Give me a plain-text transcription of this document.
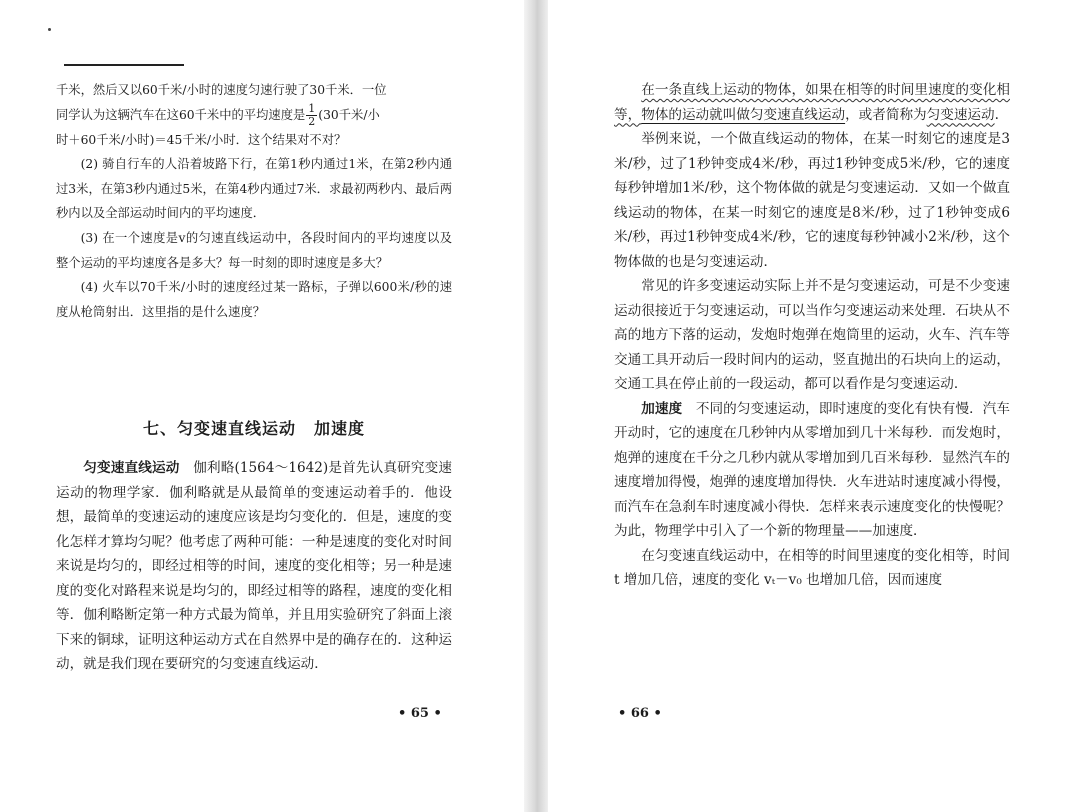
千米，然后又以60千米/小时的速度匀速行驶了30千米．一位
同学认为这辆汽车在这60千米中的平均速度是 $\frac{1}{2} (30$千米/小
时＋60千米/小时)＝45千米/小时．这个结果对不对？

(2) 骑自行车的人沿着坡路下行，在第1秒内通过1米，在第2秒内通过3米，在第3秒内通过5米，在第4秒内通过7米．求最初两秒内、最后两秒内以及全部运动时间内的平均速度．

(3) 在一个速度是v的匀速直线运动中，各段时间内的平均速度以及整个运动的平均速度各是多大？每一时刻的即时速度是多大？

(4) 火车以70千米/小时的速度经过某一路标，子弹以600米/秒的速度从枪筒射出．这里指的是什么速度？

七、匀变速直线运动 加速度

匀变速直线运动　 伽利略(1564～1642)是首先认真研究变速运动的物理学家．伽利略就是从最简单的变速运动着手的．他设想，最简单的变速运动的速度应该是均匀变化的．但是，速度的变化怎样才算均匀呢？他考虑了两种可能：一种是速度的变化对时间来说是均匀的，即经过相等的时间，速度的变化相等；另一种是速度的变化对路程来说是均匀的，即经过相等的路程，速度的变化相等．伽利略断定第一种方式最为简单，并且用实验研究了斜面上滚下来的铜球，证明这种运动方式在自然界中是的确存在的．这种运动，就是我们现在要研究的匀变速直线运动．

• 65 •

在一条直线上运动的物体，如果在相等的时间里速度的变化相等，物体的运动就叫做匀变速直线运动，或者简称为匀变速运动.

举例来说，一个做直线运动的物体，在某一时刻它的速度是3米/秒，过了1秒钟变成4米/秒，再过1秒钟变成5米/秒，它的速度每秒钟增加1米/秒，这个物体做的就是匀变速运动．又如一个做直线运动的物体，在某一时刻它的速度是8米/秒，过了1秒钟变成6米/秒，再过1秒钟变成4米/秒，它的速度每秒钟减小2米/秒，这个物体做的也是匀变速运动．

常见的许多变速运动实际上并不是匀变速运动，可是不少变速运动很接近于匀变速运动，可以当作匀变速运动来处理．石块从不高的地方下落的运动，发炮时炮弹在炮筒里的运动，火车、汽车等交通工具开动后一段时间内的运动，竖直抛出的石块向上的运动，交通工具在停止前的一段运动，都可以看作是匀变速运动．

加速度　 不同的匀变速运动，即时速度的变化有快有慢．汽车开动时，它的速度在几秒钟内从零增加到几十米每秒．而发炮时，炮弹的速度在千分之几秒内就从零增加到几百米每秒．显然汽车的速度增加得慢，炮弹的速度增加得快．火车进站时速度减小得慢，而汽车在急刹车时速度减小得快．怎样来表示速度变化的快慢呢？为此，物理学中引入了一个新的物理量——加速度．

在匀变速直线运动中，在相等的时间里速度的变化相等，时间 t 增加几倍，速度的变化 vₜ－v₀ 也增加几倍，因而速度

• 66 •
